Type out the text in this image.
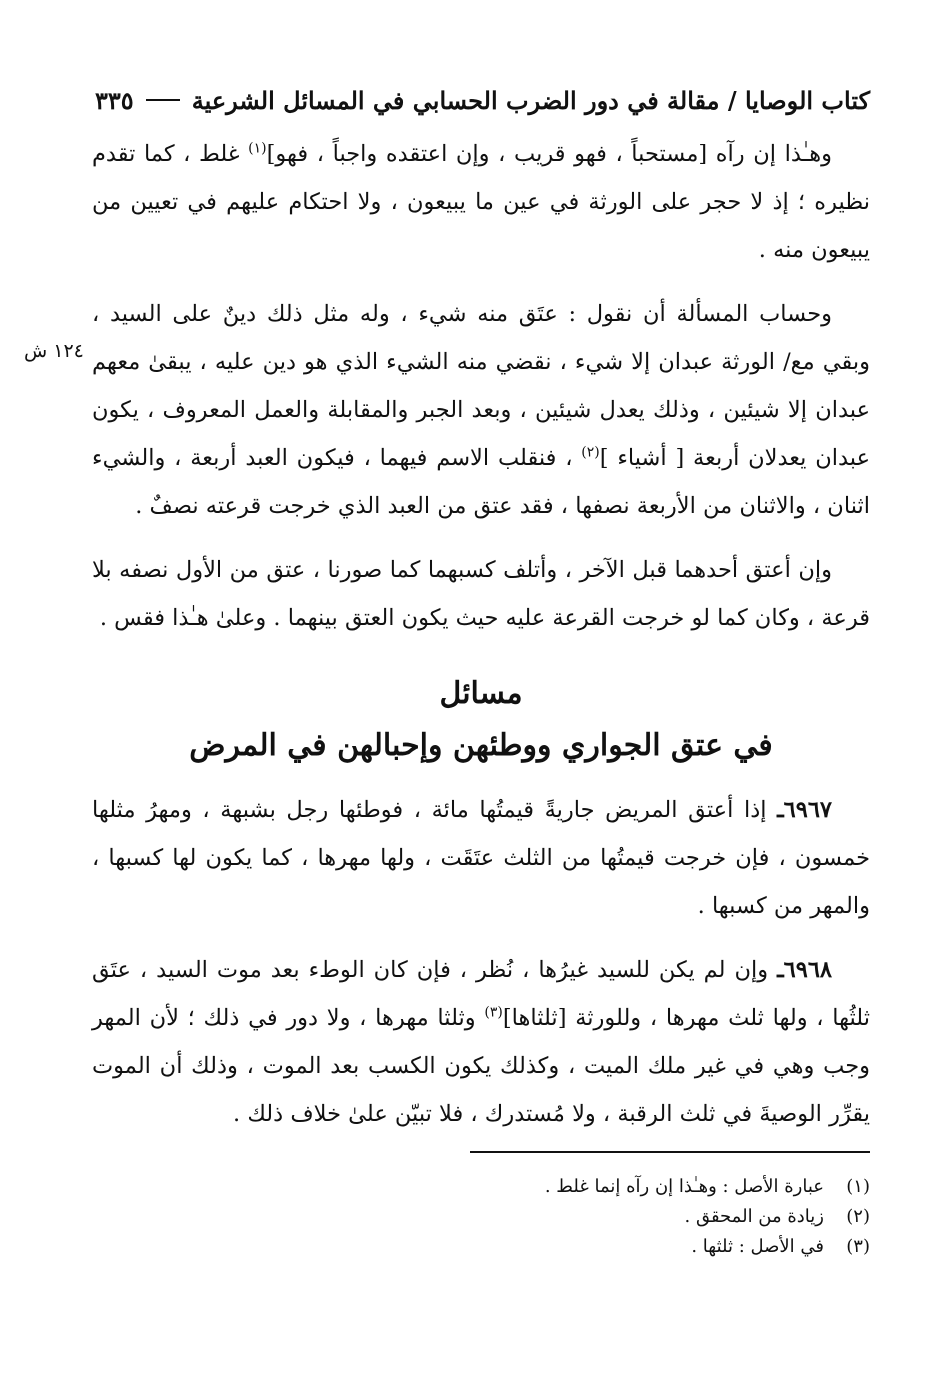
كتاب الوصايا / مقالة في دور الضرب الحسابي في المسائل الشرعية
٣٣٥
١٢٤ ش

وهـٰذا إن رآه [مستحباً ، فهو قريب ، وإن اعتقده واجباً ، فهو]$^{(١)}$ غلط ، كما تقدم نظيره ؛ إذ لا حجر على الورثة في عين ما يبيعون ، ولا احتكام عليهم في تعيين من يبيعون منه .

وحساب المسألة أن نقول : عتَق منه شيء ، وله مثل ذلك دينٌ على السيد ، وبقي مع/ الورثة عبدان إلا شيء ، نقضي منه الشيء الذي هو دين عليه ، يبقىٰ معهم عبدان إلا شيئين ، وذلك يعدل شيئين ، وبعد الجبر والمقابلة والعمل المعروف ، يكون عبدان يعدلان أربعة [ أشياء ]$^{(٢)}$ ، فنقلب الاسم فيهما ، فيكون العبد أربعة ، والشيء اثنان ، والاثنان من الأربعة نصفها ، فقد عتق من العبد الذي خرجت قرعته نصفٌ .

وإن أعتق أحدهما قبل الآخر ، وأتلف كسبهما كما صورنا ، عتق من الأول نصفه بلا قرعة ، وكان كما لو خرجت القرعة عليه حيث يكون العتق بينهما . وعلىٰ هـٰذا فقس .

مسائل
في عتق الجواري ووطئهن وإحبالهن في المرض

٦٩٦٧ـ إذا أعتق المريض جاريةً قيمتُها مائة ، فوطئها رجل بشبهة ، ومهرُ مثلها خمسون ، فإن خرجت قيمتُها من الثلث عتَقَت ، ولها مهرها ، كما يكون لها كسبها ، والمهر من كسبها .

٦٩٦٨ـ وإن لم يكن للسيد غيرُها ، نُظر ، فإن كان الوطء بعد موت السيد ، عتَق ثلثُها ، ولها ثلث مهرها ، وللورثة [ثلثاها]$^{(٣)}$ وثلثا مهرها ، ولا دور في ذلك ؛ لأن المهر وجب وهي في غير ملك الميت ، وكذلك يكون الكسب بعد الموت ، وذلك أن الموت يقرِّر الوصيةَ في ثلث الرقبة ، ولا مُستدرك ، فلا تبيّن علىٰ خلاف ذلك .

(١)
عبارة الأصل : وهـٰذا إن رآه إنما غلط .
(٢)
زيادة من المحقق .
(٣)
في الأصل : ثلثها .
